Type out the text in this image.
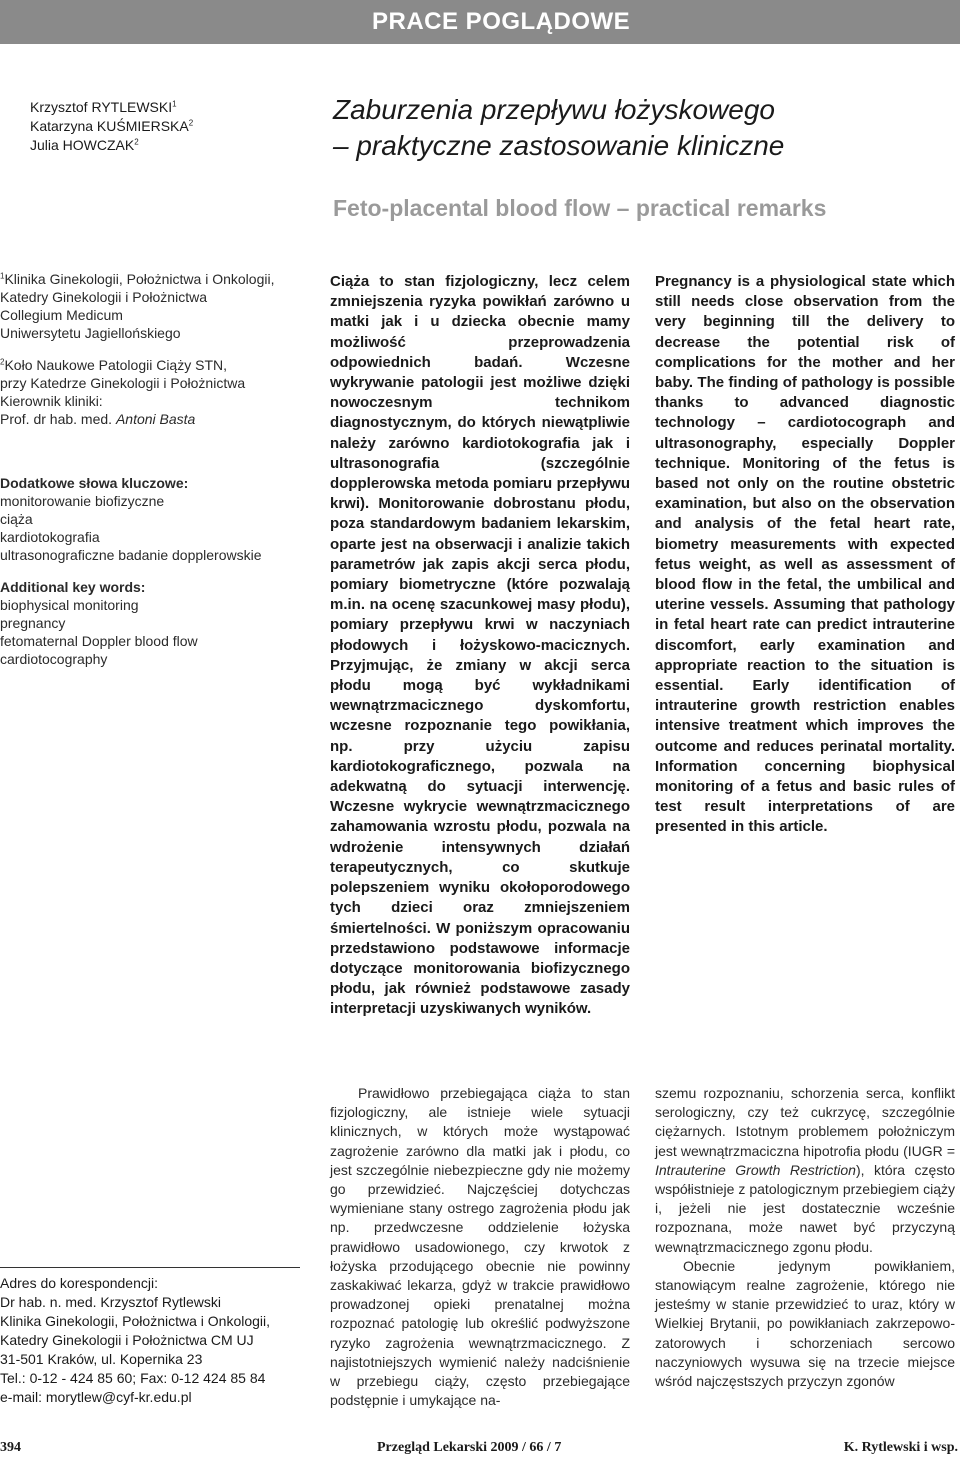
PRACE POGLĄDOWE
Krzysztof RYTLEWSKI$^1$
Katarzyna KUŚMIERSKA$^2$
Julia HOWCZAK$^2$
Zaburzenia przepływu łożyskowego
– praktyczne zastosowanie kliniczne
Feto-placental blood flow – practical remarks

$^1$Klinika Ginekologii, Położnictwa i Onkologii,
Katedry Ginekologii i Położnictwa
Collegium Medicum
Uniwersytetu Jagiellońskiego

$^2$Koło Naukowe Patologii Ciąży STN,
przy Katedrze Ginekologii i Położnictwa
Kierownik kliniki:
Prof. dr hab. med. Antoni Basta

Dodatkowe słowa kluczowe:
monitorowanie biofizyczne
ciąża
kardiotokografia
ultrasonograficzne badanie dopplerowskie
Additional key words:
biophysical monitoring
pregnancy
fetomaternal Doppler blood flow
cardiotocography
Ciąża to stan fizjologiczny, lecz celem zmniejszenia ryzyka powikłań zarówno u matki jak i u dziecka obecnie mamy możliwość przeprowadzenia odpowiednich badań. Wczesne wykrywanie patologii jest możliwe dzięki nowoczesnym technikom diagnostycznym, do których niewątpliwie należy zarówno kardiotokografia jak i ultrasonografia (szczególnie dopplerowska metoda pomiaru przepływu krwi). Monitorowanie dobrostanu płodu, poza standardowym badaniem lekarskim, oparte jest na obserwacji i analizie takich parametrów jak zapis akcji serca płodu, pomiary biometryczne (które pozwalają m.in. na ocenę szacunkowej masy płodu), pomiary przepływu krwi w naczyniach płodowych i łożyskowo-macicznych. Przyjmując, że zmiany w akcji serca płodu mogą być wykładnikami wewnątrzmacicznego dyskomfortu, wczesne rozpoznanie tego powikłania, np. przy użyciu zapisu kardiotokograficznego, pozwala na adekwatną do sytuacji interwencję. Wczesne wykrycie wewnątrzmacicznego zahamowania wzrostu płodu, pozwala na wdrożenie intensywnych działań terapeutycznych, co skutkuje polepszeniem wyniku okołoporodowego tych dzieci oraz zmniejszeniem śmiertelności. W poniższym opracowaniu przedstawiono podstawowe informacje dotyczące monitorowania biofizycznego płodu, jak również podstawowe zasady interpretacji uzyskiwanych wyników.
Pregnancy is a physiological state which still needs close observation from the very beginning till the delivery to decrease the potential risk of complications for the mother and her baby. The finding of pathology is possible thanks to advanced diagnostic technology – cardiotocograph and ultrasonography, especially Doppler technique. Monitoring of the fetus is based not only on the routine obstetric examination, but also on the observation and analysis of the fetal heart rate, biometry measurements with expected fetus weight, as well as assessment of blood flow in the fetal, the umbilical and uterine vessels. Assuming that pathology in fetal heart rate can predict intrauterine discomfort, early examination and appropriate reaction to the situation is essential. Early identification of intrauterine growth restriction enables intensive treatment which improves the outcome and reduces perinatal mortality. Information concerning biophysical monitoring of a fetus and basic rules of test result interpretations of are presented in this article.

Prawidłowo przebiegająca ciąża to stan fizjologiczny, ale istnieje wiele sytuacji klinicznych, w których może wystąpować zagrożenie zarówno dla matki jak i płodu, co jest szczególnie niebezpieczne gdy nie możemy go przewidzieć. Najczęściej dotychczas wymieniane stany ostrego zagrożenia płodu jak np. przedwczesne oddzielenie łożyska prawidłowo usadowionego, czy krwotok z łożyska przodującego obecnie nie powinny zaskakiwać lekarza, gdyż w trakcie prawidłowo prowadzonej opieki prenatalnej można rozpoznać patologię lub określić podwyższone ryzyko zagrożenia wewnątrzmacicznego. Z najistotniejszych wymienić należy nadciśnienie w przebiegu ciąży, często przebiegające podstępnie i umykające na-

szemu rozpoznaniu, schorzenia serca, konflikt serologiczny, czy też cukrzycę, szczególnie ciężarnych. Istotnym problemem położniczym jest wewnątrzmaciczna hipotrofia płodu (IUGR = Intrauterine Growth Restriction), która często współistnieje z patologicznym przebiegiem ciąży i, jeżeli nie jest dostatecznie wcześnie rozpoznana, może nawet być przyczyną wewnątrzmacicznego zgonu płodu.

Obecnie jedynym powikłaniem, stanowiącym realne zagrożenie, którego nie jesteśmy w stanie przewidzieć to uraz, który w Wielkiej Brytanii, po powikłaniach zakrzepowo-zatorowych i schorzeniach sercowo naczyniowych wysuwa się na trzecie miejsce wśród najczęstszych przyczyn zgonów

Adres do korespondencji:
Dr hab. n. med. Krzysztof Rytlewski
Klinika Ginekologii, Położnictwa i Onkologii,
Katedry Ginekologii i Położnictwa CM UJ
31-501 Kraków, ul. Kopernika 23
Tel.: 0-12 - 424 85 60; Fax: 0-12 424 85 84
e-mail: morytlew@cyf-kr.edu.pl
394	Przegląd Lekarski 2009 / 66 / 7	K. Rytlewski i wsp.
